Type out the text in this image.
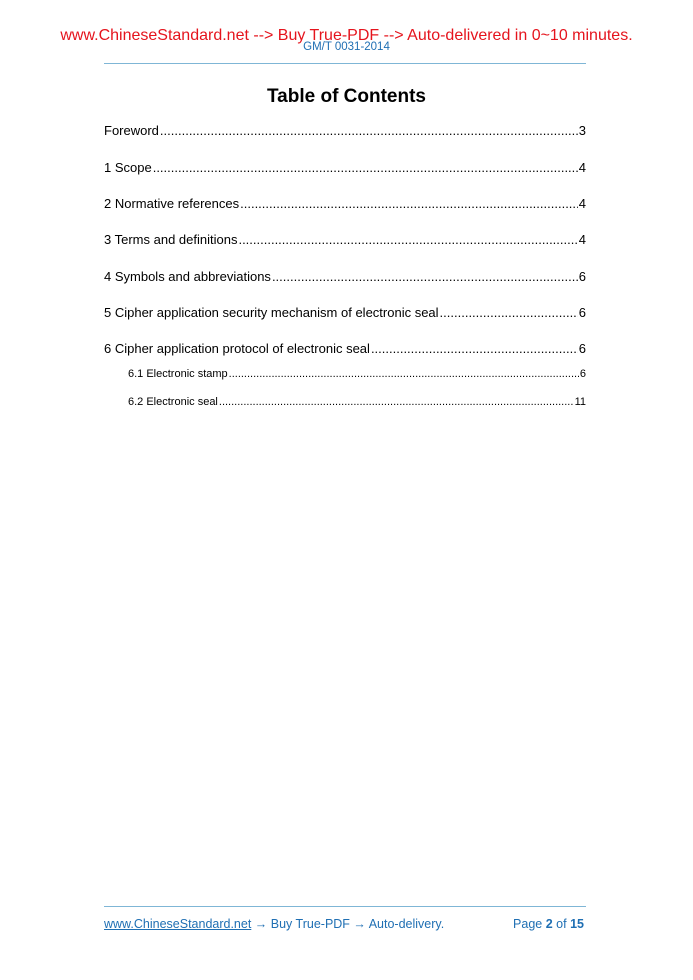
www.ChineseStandard.net --> Buy True-PDF --> Auto-delivered in 0~10 minutes.
GM/T 0031-2014
Table of Contents
Foreword .....	3
1 Scope .....	4
2 Normative references .....	4
3 Terms and definitions .....	4
4 Symbols and abbreviations .....	6
5 Cipher application security mechanism of electronic seal .....	6
6 Cipher application protocol of electronic seal .....	6
6.1 Electronic stamp .....	6
6.2 Electronic seal .....	11
www.ChineseStandard.net → Buy True-PDF → Auto-delivery.	Page 2 of 15
